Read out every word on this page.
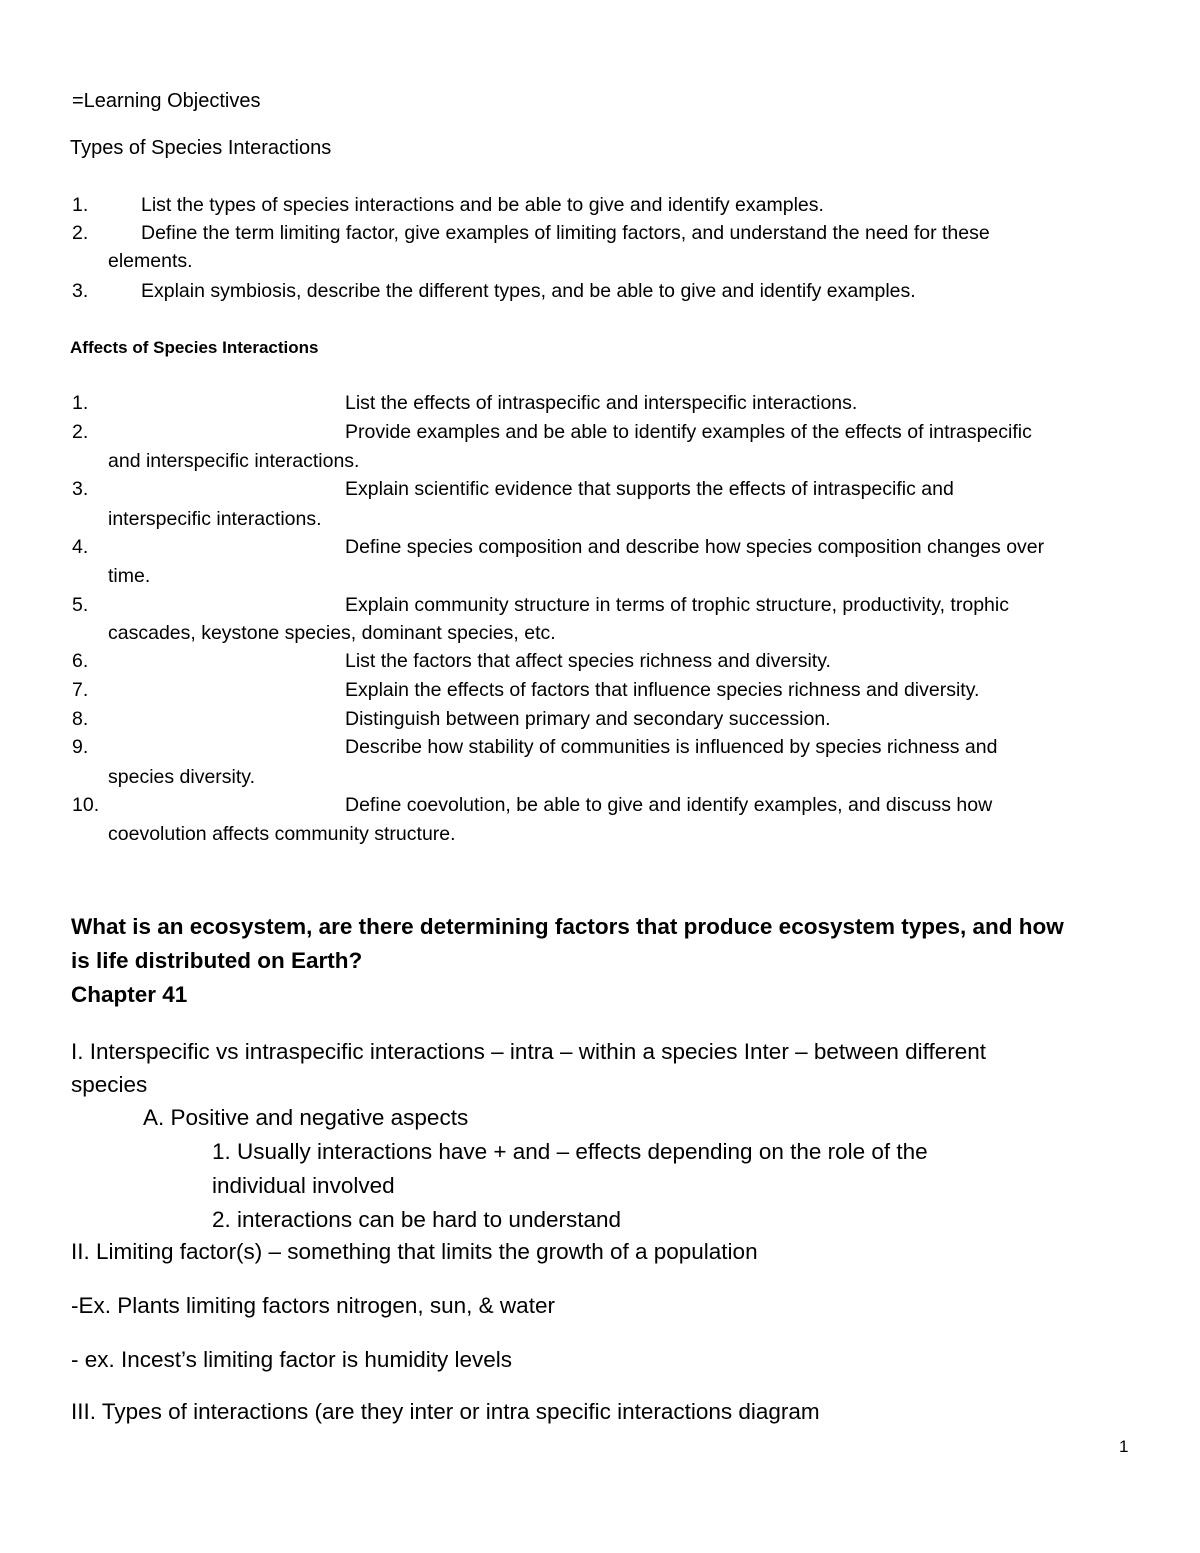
=Learning Objectives
Types of Species Interactions
1.	List the types of species interactions and be able to give and identify examples.
2.	Define the term limiting factor, give examples of limiting factors, and understand the need for these
elements.
3.	Explain symbiosis, describe the different types, and be able to give and identify examples.
Affects of Species Interactions
1.	List the effects of intraspecific and interspecific interactions.
2.	Provide examples and be able to identify examples of the effects of intraspecific
and interspecific interactions.
3.	Explain scientific evidence that supports the effects of intraspecific and
interspecific interactions.
4.	Define species composition and describe how species composition changes over
time.
5.	Explain community structure in terms of trophic structure, productivity, trophic
cascades, keystone species, dominant species, etc.
6.	List the factors that affect species richness and diversity.
7.	Explain the effects of factors that influence species richness and diversity.
8.	Distinguish between primary and secondary succession.
9.	Describe how stability of communities is influenced by species richness and
species diversity.
10.	Define coevolution, be able to give and identify examples, and discuss how
coevolution affects community structure.
What is an ecosystem, are there determining factors that produce ecosystem types, and how
is life distributed on Earth?
Chapter 41
I. Interspecific vs intraspecific interactions – intra – within a species Inter – between different
species
A. Positive and negative aspects
1. Usually interactions have + and – effects depending on the role of the
individual involved
2. interactions can be hard to understand
II. Limiting factor(s) – something that limits the growth of a population
-Ex. Plants limiting factors nitrogen, sun, & water
- ex. Incest’s limiting factor is humidity levels
III. Types of interactions (are they inter or intra specific interactions diagram
1
